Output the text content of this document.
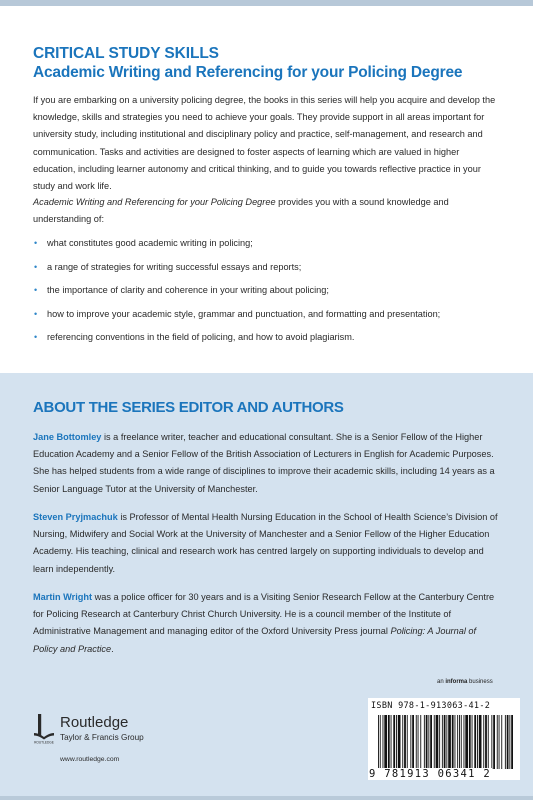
CRITICAL STUDY SKILLS
Academic Writing and Referencing for your Policing Degree
If you are embarking on a university policing degree, the books in this series will help you acquire and develop the knowledge, skills and strategies you need to achieve your goals. They provide support in all areas important for university study, including institutional and disciplinary policy and practice, self-management, and research and communication. Tasks and activities are designed to foster aspects of learning which are valued in higher education, including learner autonomy and critical thinking, and to guide you towards reflective practice in your study and work life.
Academic Writing and Referencing for your Policing Degree provides you with a sound knowledge and understanding of:
• what constitutes good academic writing in policing;
• a range of strategies for writing successful essays and reports;
• the importance of clarity and coherence in your writing about policing;
• how to improve your academic style, grammar and punctuation, and formatting and presentation;
• referencing conventions in the field of policing, and how to avoid plagiarism.
ABOUT THE SERIES EDITOR AND AUTHORS
Jane Bottomley is a freelance writer, teacher and educational consultant. She is a Senior Fellow of the Higher Education Academy and a Senior Fellow of the British Association of Lecturers in English for Academic Purposes. She has helped students from a wide range of disciplines to improve their academic skills, including 14 years as a Senior Language Tutor at the University of Manchester.
Steven Pryjmachuk is Professor of Mental Health Nursing Education in the School of Health Science’s Division of Nursing, Midwifery and Social Work at the University of Manchester and a Senior Fellow of the Higher Education Academy. His teaching, clinical and research work has centred largely on supporting individuals to develop and learn independently.
Martin Wright was a police officer for 30 years and is a Visiting Senior Research Fellow at the Canterbury Centre for Policing Research at Canterbury Christ Church University. He is a council member of the Institute of Administrative Management and managing editor of the Oxford University Press journal Policing: A Journal of Policy and Practice.
an informa business
ROUTLEDGE
Routledge
Taylor & Francis Group
www.routledge.com
ISBN 978-1-913063-41-2
9 781913 06341 2
